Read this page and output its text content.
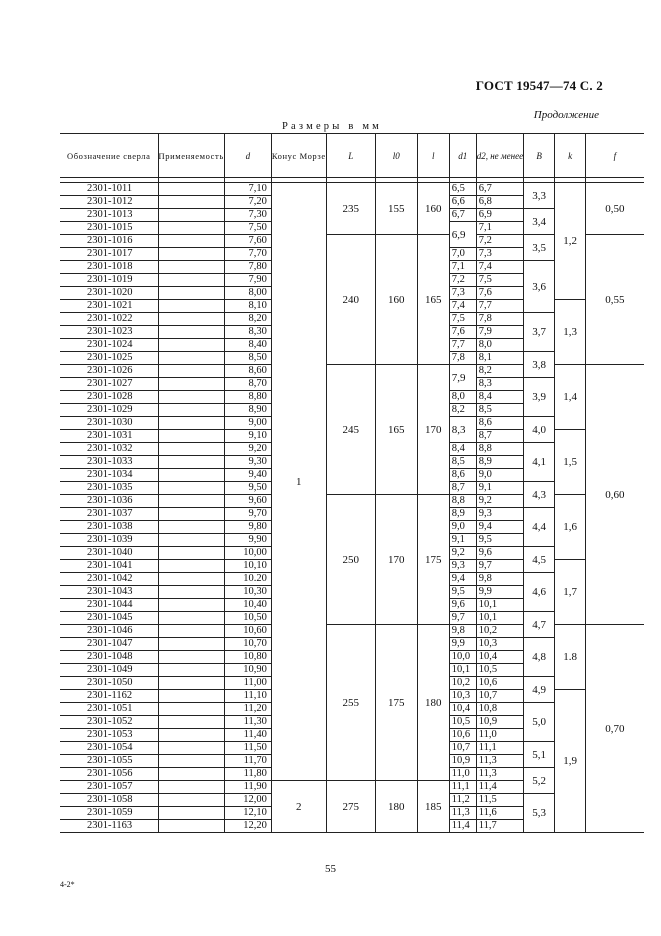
ГОСТ 19547—74 С. 2
Продолжение
Размеры в мм
Обозначение сверла	Применяемость	d	Конус Морзе	L	l0	l	d1	d2, не менее	B	k	f

2301-1011		7,10	1	235	155	160	6,5	6,7	3,3	1,2	0,50
2301-1012		7,20					6,6	6,8			
2301-1013		7,30					6,7	6,9	3,4		
2301-1015		7,50					6,9	7,1			
2301-1016		7,60		240	160	165		7,2	3,5		0,55
2301-1017		7,70					7,0	7,3			
2301-1018		7,80					7,1	7,4	3,6		
2301-1019		7,90					7,2	7,5			
2301-1020		8,00					7,3	7,6			
2301-1021		8,10					7,4	7,7		1,3	
2301-1022		8,20					7,5	7,8	3,7		
2301-1023		8,30					7,6	7,9			
2301-1024		8,40					7,7	8,0			
2301-1025		8,50					7,8	8,1	3,8		
2301-1026		8,60		245	165	170	7,9	8,2		1,4	0,60
2301-1027		8,70						8,3	3,9		
2301-1028		8,80					8,0	8,4			
2301-1029		8,90					8,2	8,5			
2301-1030		9,00					8,3	8,6	4,0		
2301-1031		9,10						8,7		1,5	
2301-1032		9,20					8,4	8,8	4,1		
2301-1033		9,30					8,5	8,9			
2301-1034		9,40					8,6	9,0			
2301-1035		9,50					8,7	9,1	4,3		
2301-1036		9,60		250	170	175	8,8	9,2		1,6	
2301-1037		9,70					8,9	9,3	4,4		
2301-1038		9,80					9,0	9,4			
2301-1039		9,90					9,1	9,5			
2301-1040		10,00					9,2	9,6	4,5		
2301-1041		10,10					9,3	9,7		1,7	
2301-1042		10.20					9,4	9,8	4,6		
2301-1043		10,30					9,5	9,9			
2301-1044		10,40					9,6	10,1			
2301-1045		10,50					9,7	10,1	4,7		
2301-1046		10,60		255	175	180	9,8	10,2		1.8	0,70
2301-1047		10,70					9,9	10,3	4,8		
2301-1048		10,80					10,0	10,4			
2301-1049		10,90					10,1	10,5			
2301-1050		11,00					10,2	10,6	4,9		
2301-1162		11,10					10,3	10,7		1,9	
2301-1051		11,20					10,4	10,8	5,0		
2301-1052		11,30					10,5	10,9			
2301-1053		11,40					10,6	11,0			
2301-1054		11,50					10,7	11,1	5,1		
2301-1055		11,70					10,9	11,3			
2301-1056		11,80					11,0	11,3	5,2		
2301-1057		11,90	2	275	180	185	11,1	11,4			
2301-1058		12,00					11,2	11,5	5,3		
2301-1059		12,10					11,3	11,6			
2301-1163		12,20					11,4	11,7			
55
4-2*
